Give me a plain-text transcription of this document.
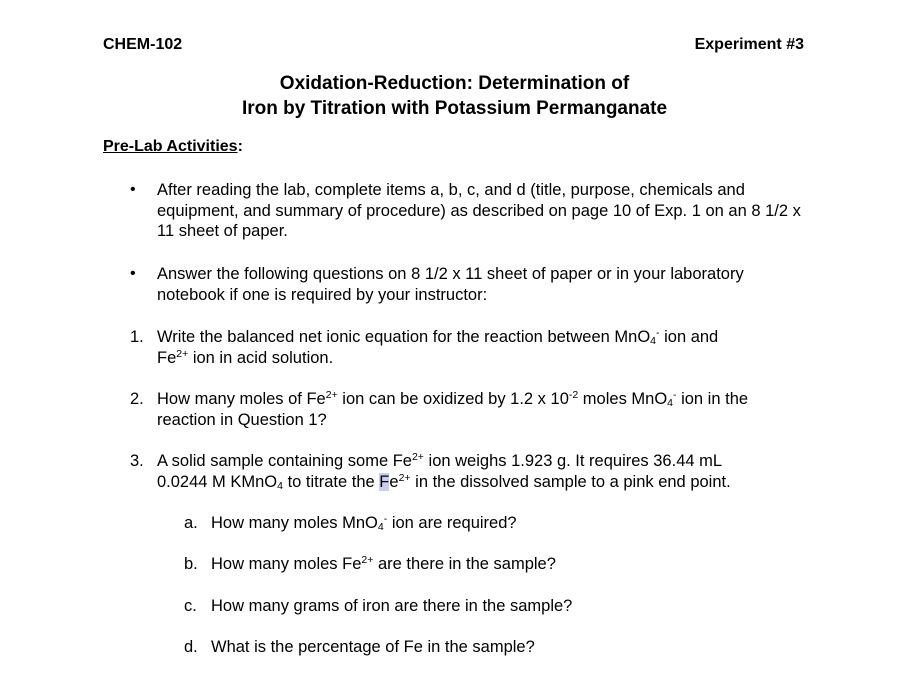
CHEM-102	Experiment #3
Oxidation-Reduction: Determination of
Iron by Titration with Potassium Permanganate
Pre-Lab Activities:
• After reading the lab, complete items a, b, c, and d (title, purpose, chemicals and equipment, and summary of procedure) as described on page 10 of Exp. 1 on an 8 1/2 x 11 sheet of paper.
• Answer the following questions on 8 1/2 x 11 sheet of paper or in your laboratory notebook if one is required by your instructor:
1. Write the balanced net ionic equation for the reaction between MnO$_4$- ion and
$Fe^{2+}$ ion in acid solution.
2. How many moles of $Fe^{2+}$ ion can be oxidized by 1.2 x $10^{-2}$ moles MnO$_4$- ion in the
reaction in Question 1?
3. A solid sample containing some $Fe^{2+}$ ion weighs 1.923 g. It requires 36.44 mL
0.0244 M KMnO$_4$ to titrate the $Fe^{2+}$ in the dissolved sample to a pink end point.
a. How many moles MnO$_4$- ion are required?
b. How many moles $Fe^{2+}$ are there in the sample?
c. How many grams of iron are there in the sample?
d. What is the percentage of Fe in the sample?
